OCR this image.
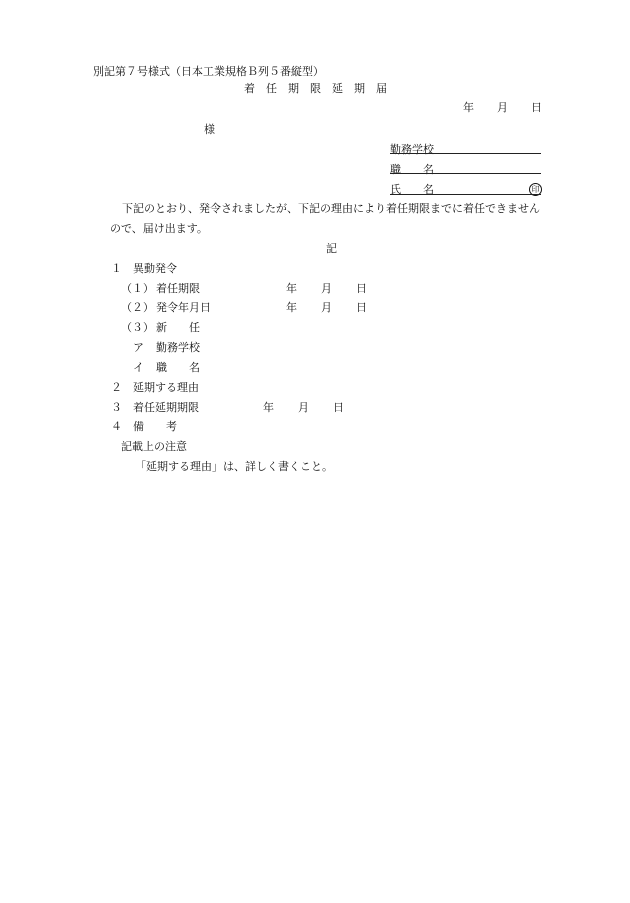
別記第７号様式（日本工業規格Ｂ列５番縦型）
着　任　期　限　延　期　届
年 月 日
様
勤務学校
職　　名
氏　　名	印
下記のとおり、発令されましたが、下記の理由により着任期限までに着任できません
ので、届け出ます。
記
１ 異動発令
（１） 着任期限	年 月 日
（２） 発令年月日	年 月 日
（３） 新　　任
ア 勤務学校
イ 職　　名
２ 延期する理由
３ 着任延期期限	年 月 日
４ 備　　考
記載上の注意
「延期する理由」は、詳しく書くこと。
